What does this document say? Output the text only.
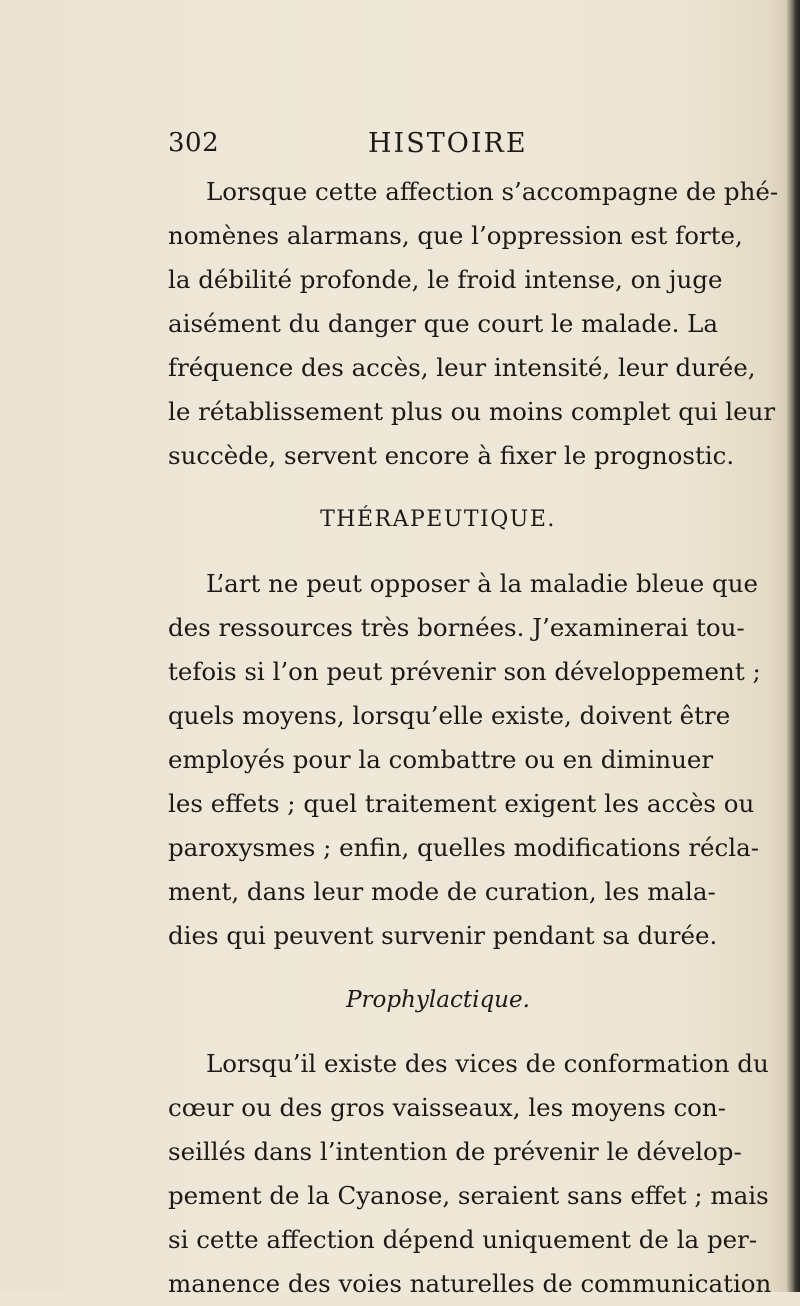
302	HISTOIRE
Lorsque cette affection s’accompagne de phé-
nomènes alarmans, que l’oppression est forte,
la débilité profonde, le froid intense, on juge
aisément du danger que court le malade. La
fréquence des accès, leur intensité, leur durée,
le rétablissement plus ou moins complet qui leur
succède, servent encore à fixer le prognostic.
THÉRAPEUTIQUE.
L’art ne peut opposer à la maladie bleue que
des ressources très bornées. J’examinerai tou-
tefois si l’on peut prévenir son développement ;
quels moyens, lorsqu’elle existe, doivent être
employés pour la combattre ou en diminuer
les effets ; quel traitement exigent les accès ou
paroxysmes ; enfin, quelles modifications récla-
ment, dans leur mode de curation, les mala-
dies qui peuvent survenir pendant sa durée.
Prophylactique.
Lorsqu’il existe des vices de conformation du
cœur ou des gros vaisseaux, les moyens con-
seillés dans l’intention de prévenir le dévelop-
pement de la Cyanose, seraient sans effet ; mais
si cette affection dépend uniquement de la per-
manence des voies naturelles de communication
